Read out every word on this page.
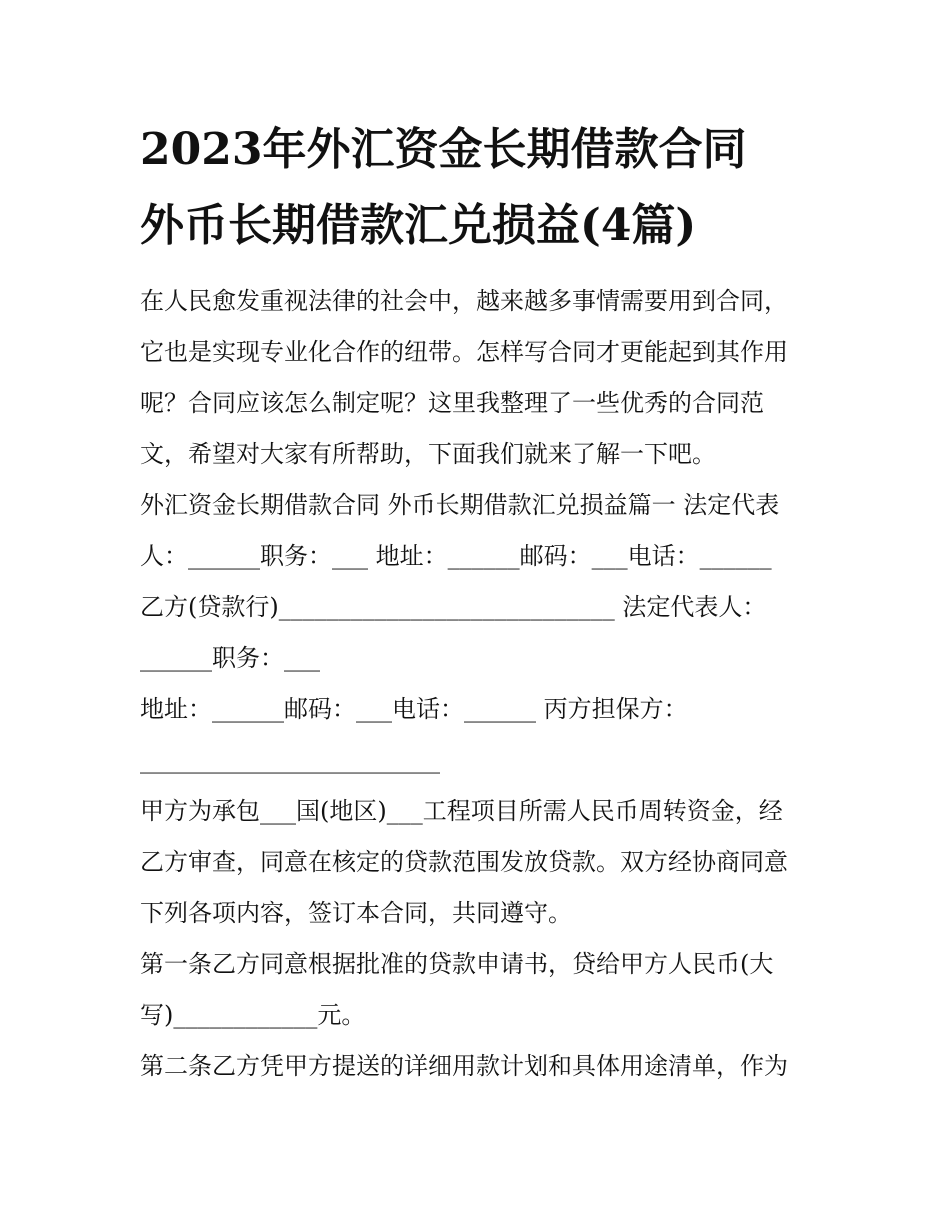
2023年外汇资金长期借款合同
外币长期借款汇兑损益(4篇)
在人民愈发重视法律的社会中，越来越多事情需要用到合同，
它也是实现专业化合作的纽带。怎样写合同才更能起到其作用
呢？合同应该怎么制定呢？这里我整理了一些优秀的合同范
文，希望对大家有所帮助，下面我们就来了解一下吧。
外汇资金长期借款合同 外币长期借款汇兑损益篇一 法定代表
人：______职务：___ 地址：______邮码：___电话：______
乙方(贷款行)____________________________ 法定代表人：
______职务：___
地址：______邮码：___电话：______ 丙方担保方：
_________________________
甲方为承包___国(地区)___工程项目所需人民币周转资金，经
乙方审查，同意在核定的贷款范围发放贷款。双方经协商同意
下列各项内容，签订本合同，共同遵守。
第一条乙方同意根据批准的贷款申请书，贷给甲方人民币(大
写)____________元。
第二条乙方凭甲方提送的详细用款计划和具体用途清单，作为
